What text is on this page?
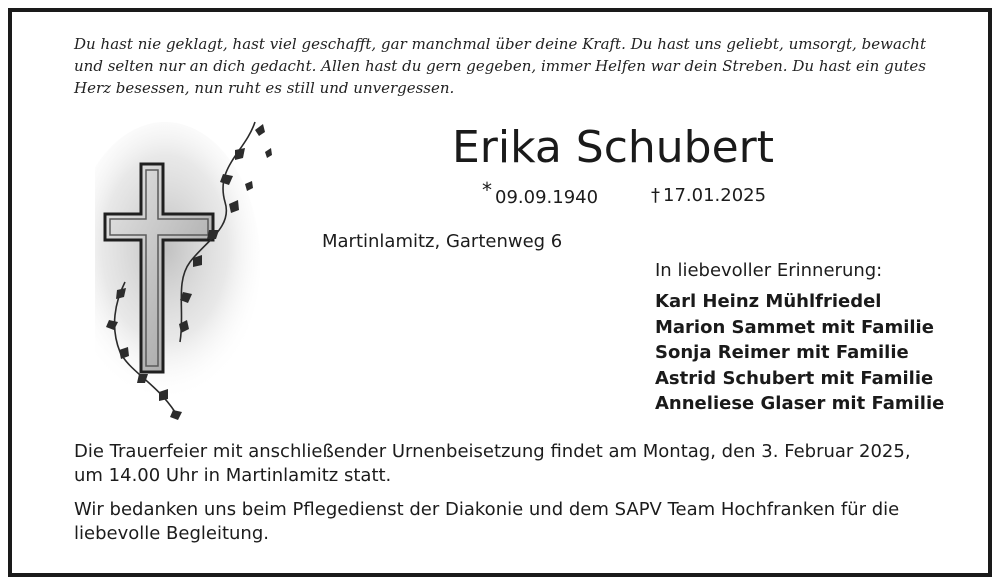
Du hast nie geklagt, hast viel geschafft, gar manchmal über deine Kraft. Du hast uns geliebt, umsorgt, bewacht und selten nur an dich gedacht. Allen hast du gern gegeben, immer Helfen war dein Streben. Du hast ein gutes Herz besessen, nun ruht es still und unvergessen.

Erika Schubert
* 09.09.1940	† 17.01.2025
Martinlamitz, Gartenweg 6
In liebevoller Erinnerung:
Karl Heinz Mühlfriedel
Marion Sammet mit Familie
Sonja Reimer mit Familie
Astrid Schubert mit Familie
Anneliese Glaser mit Familie

Die Trauerfeier mit anschließender Urnenbeisetzung findet am Montag, den 3. Februar 2025, um 14.00 Uhr in Martinlamitz statt.

Wir bedanken uns beim Pflegedienst der Diakonie und dem SAPV Team Hochfranken für die liebevolle Begleitung.
